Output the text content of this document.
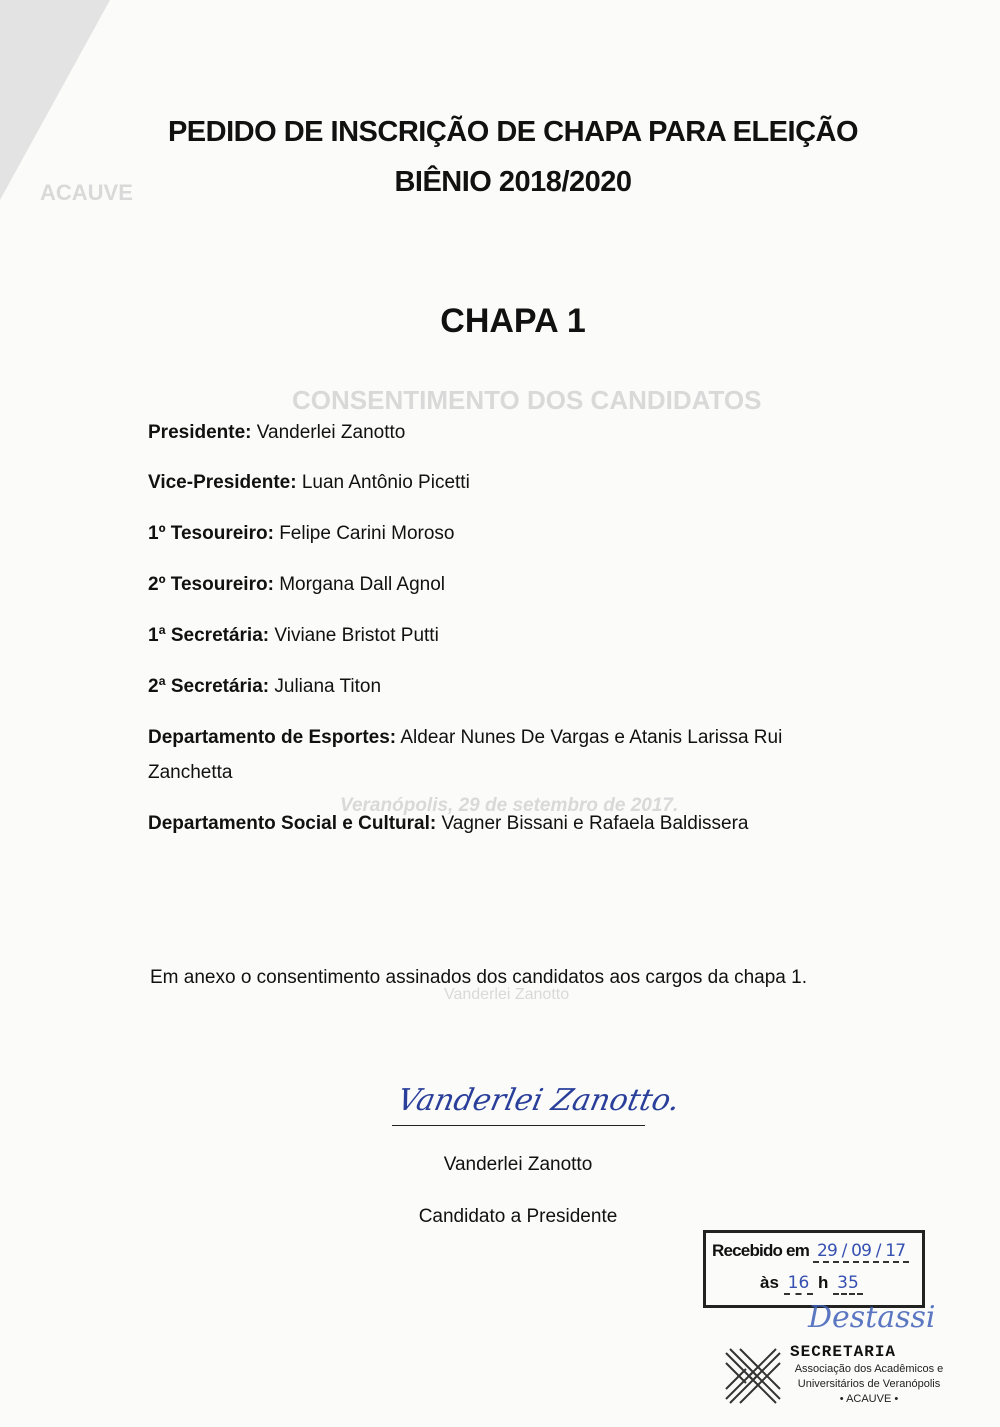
ACAUVE
CONSENTIMENTO DOS CANDIDATOS
Veranópolis, 29 de setembro de 2017.
Vanderlei Zanotto
PEDIDO DE INSCRIÇÃO DE CHAPA PARA ELEIÇÃO
BIÊNIO 2018/2020
CHAPA 1
Presidente: Vanderlei Zanotto
Vice-Presidente: Luan Antônio Picetti
1º Tesoureiro: Felipe Carini Moroso
2º Tesoureiro: Morgana Dall Agnol
1ª Secretária: Viviane Bristot Putti
2ª Secretária: Juliana Titon
Departamento de Esportes: Aldear Nunes De Vargas e Atanis Larissa Rui Zanchetta
Departamento Social e Cultural: Vagner Bissani e Rafaela Baldissera
Em anexo o consentimento assinados dos candidatos aos cargos da chapa 1.
Vanderlei Zanotto.
Vanderlei Zanotto
Candidato a Presidente
Recebido em 29 / 09 / 17
às 16 h 35
Destassi
SECRETARIA
Associação dos Acadêmicos e
Universitários de Veranópolis
• ACAUVE •
